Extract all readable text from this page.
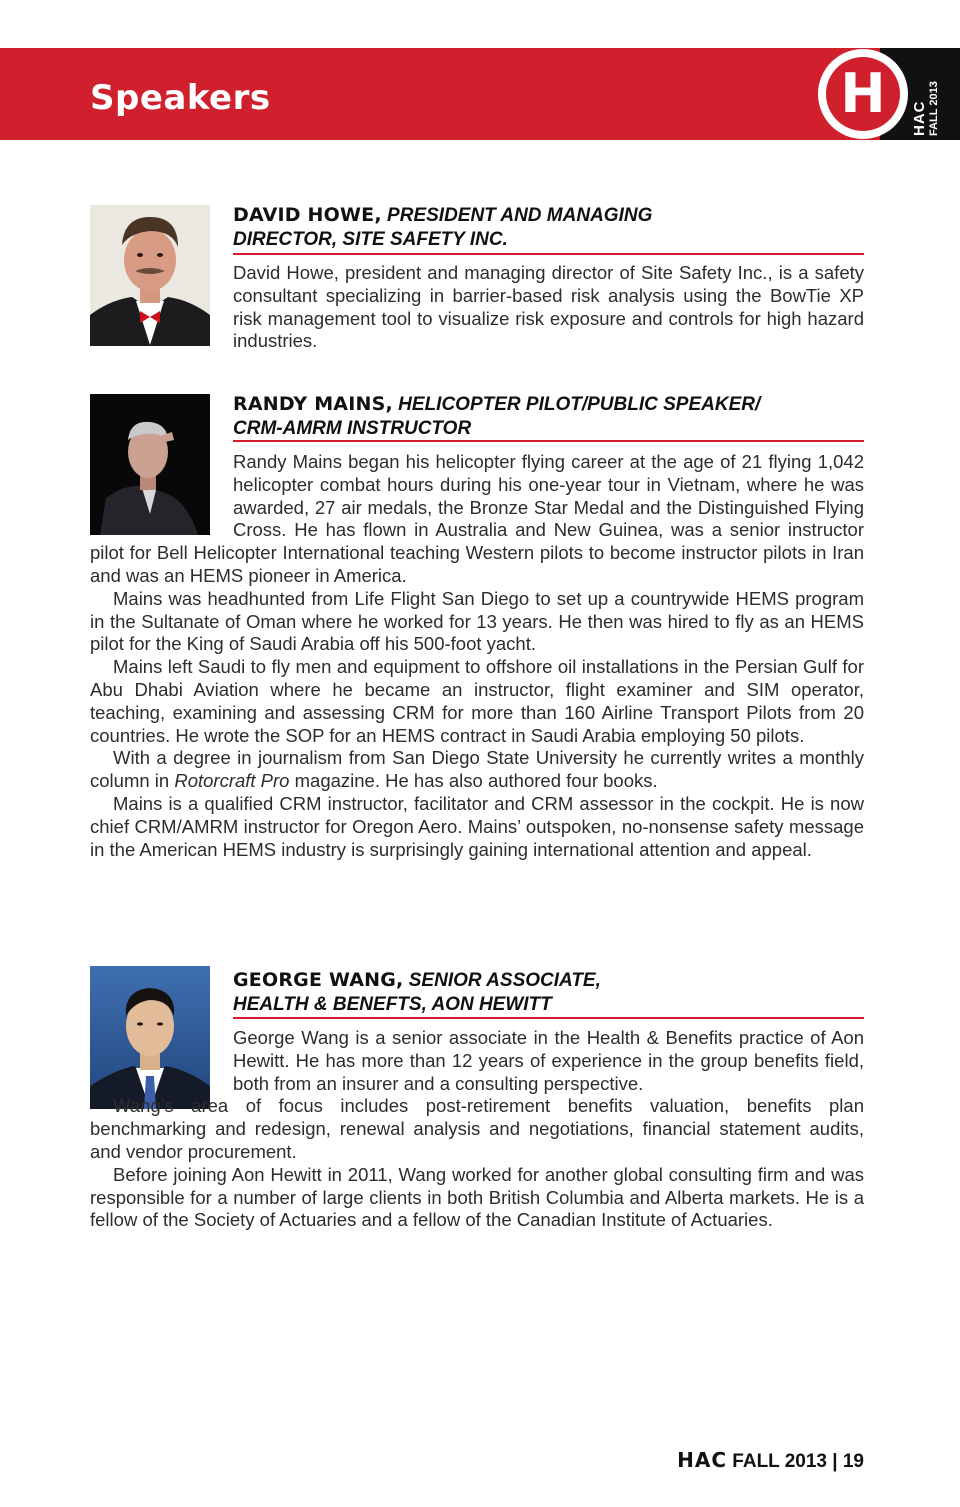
Speakers	H	HAC FALL 2013
DAVID HOWE, PRESIDENT AND MANAGING
DIRECTOR, SITE SAFETY INC.

David Howe, president and managing director of Site Safety Inc., is a safety consultant specializing in barrier-based risk analysis using the BowTie XP risk management tool to visualize risk exposure and controls for high hazard industries.

RANDY MAINS, HELICOPTER PILOT/PUBLIC SPEAKER/
CRM-AMRM INSTRUCTOR

Randy Mains began his helicopter flying career at the age of 21 flying 1,042 helicopter combat hours during his one-year tour in Vietnam, where he was awarded, 27 air medals, the Bronze Star Medal and the Distinguished Flying Cross. He has flown in Australia and New Guinea, was a senior instructor pilot for Bell Helicopter International teaching Western pilots to become instructor pilots in Iran and was an HEMS pioneer in America.

Mains was headhunted from Life Flight San Diego to set up a countrywide HEMS program in the Sultanate of Oman where he worked for 13 years. He then was hired to fly as an HEMS pilot for the King of Saudi Arabia off his 500-foot yacht.

Mains left Saudi to fly men and equipment to offshore oil installations in the Persian Gulf for Abu Dhabi Aviation where he became an instructor, flight examiner and SIM operator, teaching, examining and assessing CRM for more than 160 Airline Transport Pilots from 20 countries. He wrote the SOP for an HEMS contract in Saudi Arabia employing 50 pilots.

With a degree in journalism from San Diego State University he currently writes a monthly column in Rotorcraft Pro magazine. He has also authored four books.

Mains is a qualified CRM instructor, facilitator and CRM assessor in the cockpit. He is now chief CRM/AMRM instructor for Oregon Aero. Mains’ outspoken, no-nonsense safety message in the American HEMS industry is surprisingly gaining international attention and appeal.

GEORGE WANG, SENIOR ASSOCIATE,
HEALTH & BENEFTS, AON HEWITT

George Wang is a senior associate in the Health & Benefits practice of Aon Hewitt. He has more than 12 years of experience in the group benefits field, both from an insurer and a consulting perspective.

Wang’s area of focus includes post-retirement benefits valuation, benefits plan benchmarking and redesign, renewal analysis and negotiations, financial statement audits, and vendor procurement.

Before joining Aon Hewitt in 2011, Wang worked for another global consulting firm and was responsible for a number of large clients in both British Columbia and Alberta markets. He is a fellow of the Society of Actuaries and a fellow of the Canadian Institute of Actuaries.

HAC FALL 2013 | 19
